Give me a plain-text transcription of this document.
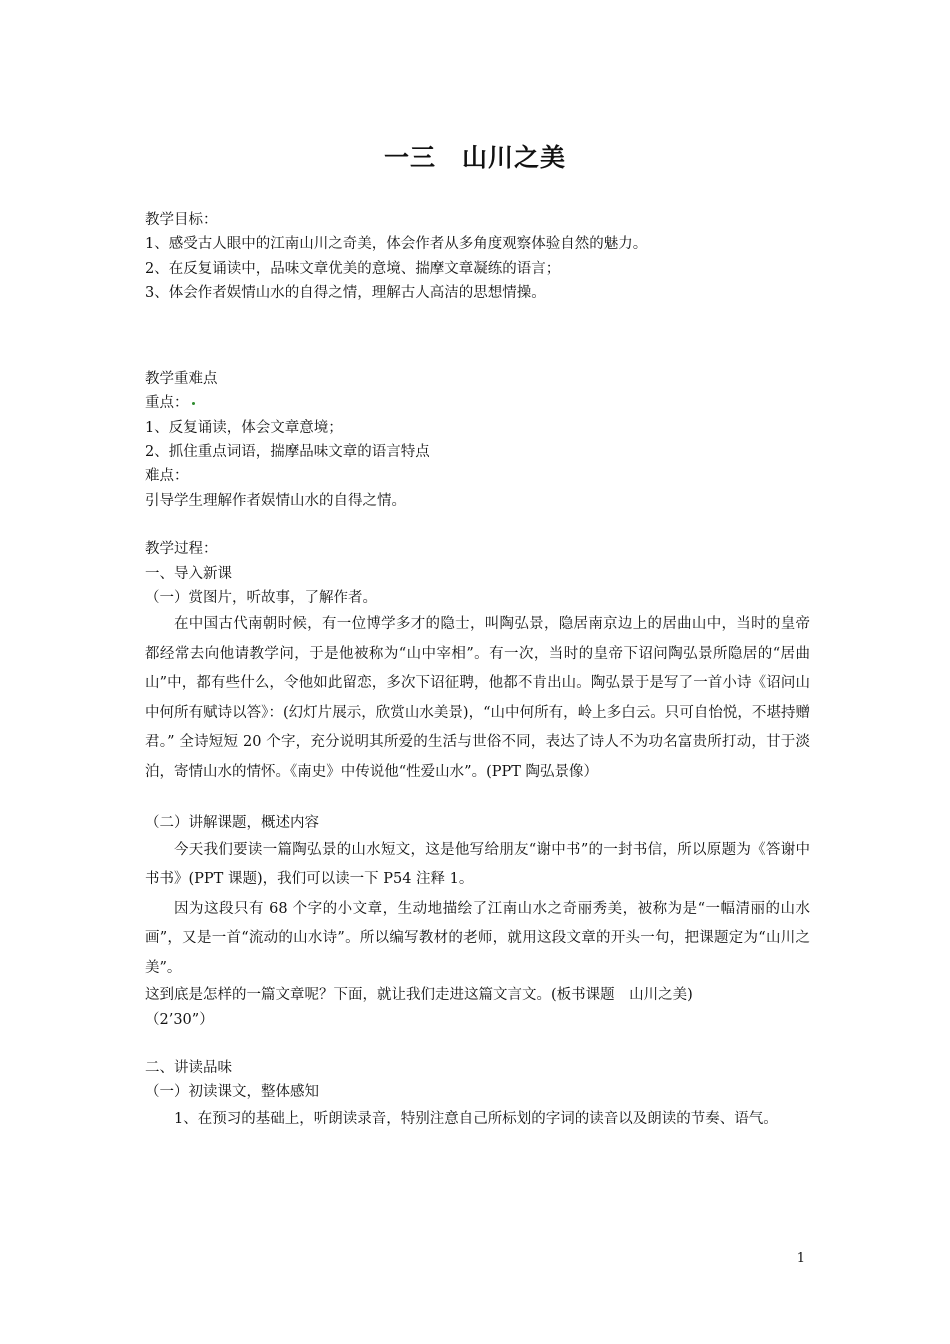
一三 山川之美
教学目标：
1、感受古人眼中的江南山川之奇美，体会作者从多角度观察体验自然的魅力。
2、在反复诵读中，品味文章优美的意境、揣摩文章凝练的语言；
3、体会作者娱情山水的自得之情，理解古人高洁的思想情操。
教学重难点
重点：
1、反复诵读，体会文章意境；
2、抓住重点词语，揣摩品味文章的语言特点
难点：
引导学生理解作者娱情山水的自得之情。
教学过程：
一、导入新课
（一）赏图片，听故事，了解作者。
在中国古代南朝时候，有一位博学多才的隐士，叫陶弘景，隐居南京边上的居曲山中，当时的皇帝都经常去向他请教学问，于是他被称为“山中宰相”。有一次，当时的皇帝下诏问陶弘景所隐居的“居曲山”中，都有些什么，令他如此留恋，多次下诏征聘，他都不肯出山。陶弘景于是写了一首小诗《诏问山中何所有赋诗以答》：(幻灯片展示，欣赏山水美景)，“山中何所有，岭上多白云。只可自怡悦，不堪持赠君。” 全诗短短 20 个字，充分说明其所爱的生活与世俗不同，表达了诗人不为功名富贵所打动，甘于淡泊，寄情山水的情怀。《南史》中传说他“性爱山水”。(PPT 陶弘景像）
（二）讲解课题，概述内容
今天我们要读一篇陶弘景的山水短文，这是他写给朋友“谢中书”的一封书信，所以原题为《答谢中书书》(PPT 课题)，我们可以读一下 P54 注释 1。
因为这段只有 68 个字的小文章，生动地描绘了江南山水之奇丽秀美，被称为是“一幅清丽的山水画”，又是一首“流动的山水诗”。所以编写教材的老师，就用这段文章的开头一句，把课题定为“山川之美”。
这到底是怎样的一篇文章呢？下面，就让我们走进这篇文言文。(板书课题　山川之美)
（2’30”）
二、讲读品味
（一）初读课文，整体感知
1、在预习的基础上，听朗读录音，特别注意自己所标划的字词的读音以及朗读的节奏、语气。
1
